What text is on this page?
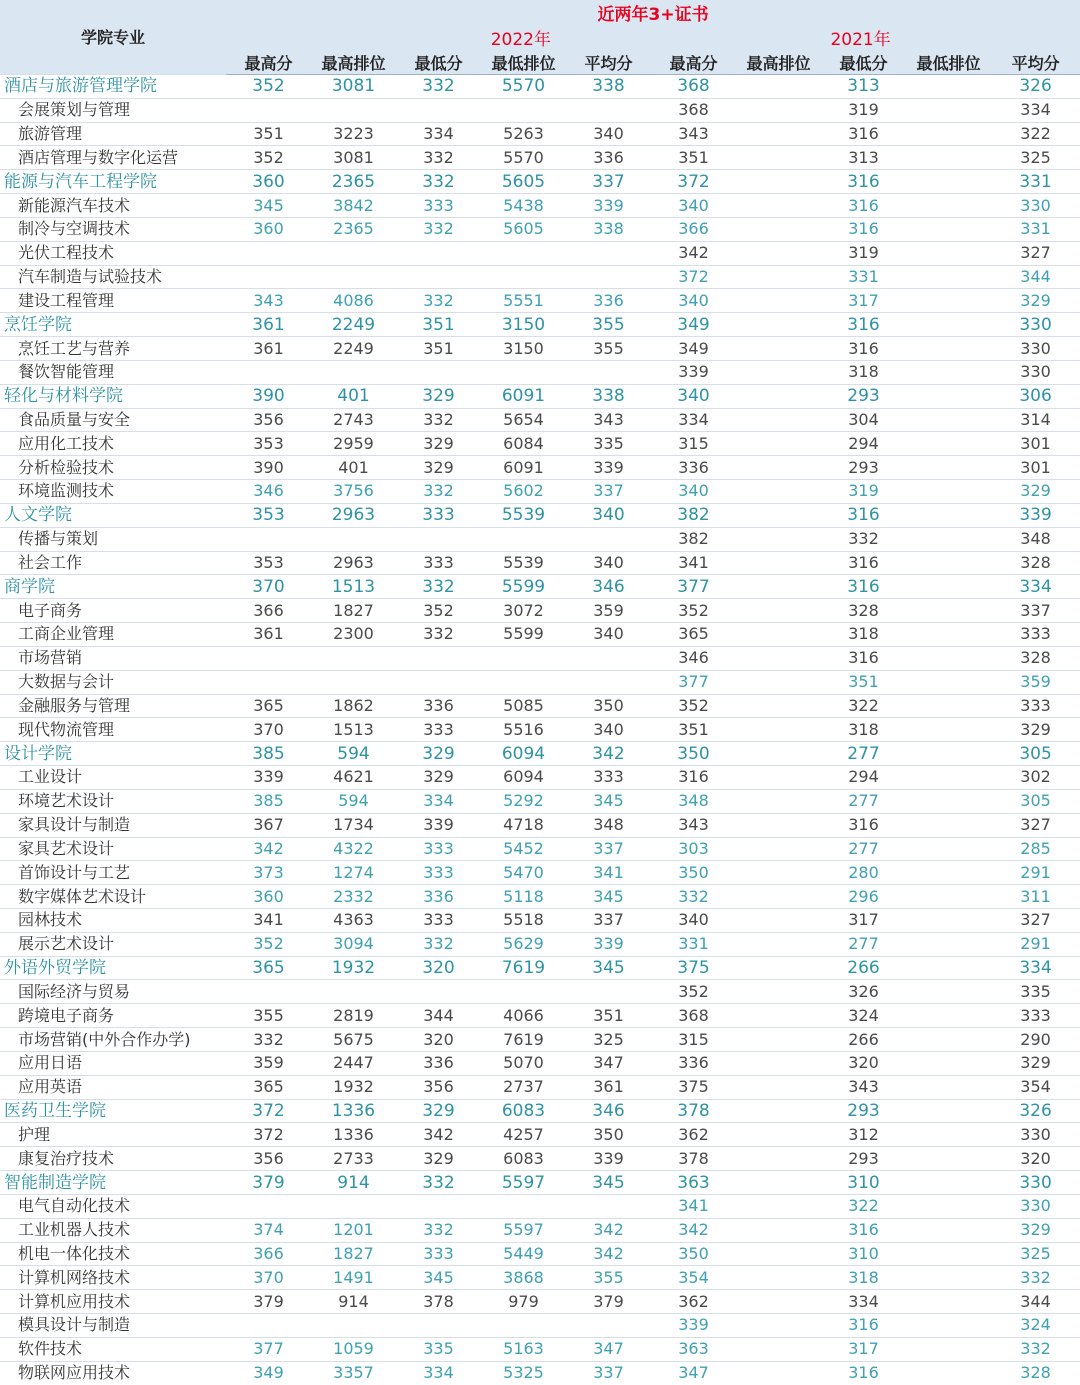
	近两年3+证书									
学院专业	2022年					2021年				
	最高分	最高排位	最低分	最低排位	平均分	最高分	最高排位	最低分	最低排位	平均分
酒店与旅游管理学院	352	3081	332	5570	338	368		313		326
会展策划与管理						368		319		334
旅游管理	351	3223	334	5263	340	343		316		322
酒店管理与数字化运营	352	3081	332	5570	336	351		313		325
能源与汽车工程学院	360	2365	332	5605	337	372		316		331
新能源汽车技术	345	3842	333	5438	339	340		316		330
制冷与空调技术	360	2365	332	5605	338	366		316		331
光伏工程技术						342		319		327
汽车制造与试验技术						372		331		344
建设工程管理	343	4086	332	5551	336	340		317		329
烹饪学院	361	2249	351	3150	355	349		316		330
烹饪工艺与营养	361	2249	351	3150	355	349		316		330
餐饮智能管理						339		318		330
轻化与材料学院	390	401	329	6091	338	340		293		306
食品质量与安全	356	2743	332	5654	343	334		304		314
应用化工技术	353	2959	329	6084	335	315		294		301
分析检验技术	390	401	329	6091	339	336		293		301
环境监测技术	346	3756	332	5602	337	340		319		329
人文学院	353	2963	333	5539	340	382		316		339
传播与策划						382		332		348
社会工作	353	2963	333	5539	340	341		316		328
商学院	370	1513	332	5599	346	377		316		334
电子商务	366	1827	352	3072	359	352		328		337
工商企业管理	361	2300	332	5599	340	365		318		333
市场营销						346		316		328
大数据与会计						377		351		359
金融服务与管理	365	1862	336	5085	350	352		322		333
现代物流管理	370	1513	333	5516	340	351		318		329
设计学院	385	594	329	6094	342	350		277		305
工业设计	339	4621	329	6094	333	316		294		302
环境艺术设计	385	594	334	5292	345	348		277		305
家具设计与制造	367	1734	339	4718	348	343		316		327
家具艺术设计	342	4322	333	5452	337	303		277		285
首饰设计与工艺	373	1274	333	5470	341	350		280		291
数字媒体艺术设计	360	2332	336	5118	345	332		296		311
园林技术	341	4363	333	5518	337	340		317		327
展示艺术设计	352	3094	332	5629	339	331		277		291
外语外贸学院	365	1932	320	7619	345	375		266		334
国际经济与贸易						352		326		335
跨境电子商务	355	2819	344	4066	351	368		324		333
市场营销(中外合作办学)	332	5675	320	7619	325	315		266		290
应用日语	359	2447	336	5070	347	336		320		329
应用英语	365	1932	356	2737	361	375		343		354
医药卫生学院	372	1336	329	6083	346	378		293		326
护理	372	1336	342	4257	350	362		312		330
康复治疗技术	356	2733	329	6083	339	378		293		320
智能制造学院	379	914	332	5597	345	363		310		330
电气自动化技术						341		322		330
工业机器人技术	374	1201	332	5597	342	342		316		329
机电一体化技术	366	1827	333	5449	342	350		310		325
计算机网络技术	370	1491	345	3868	355	354		318		332
计算机应用技术	379	914	378	979	379	362		334		344
模具设计与制造						339		316		324
软件技术	377	1059	335	5163	347	363		317		332
物联网应用技术	349	3357	334	5325	337	347		316		328
